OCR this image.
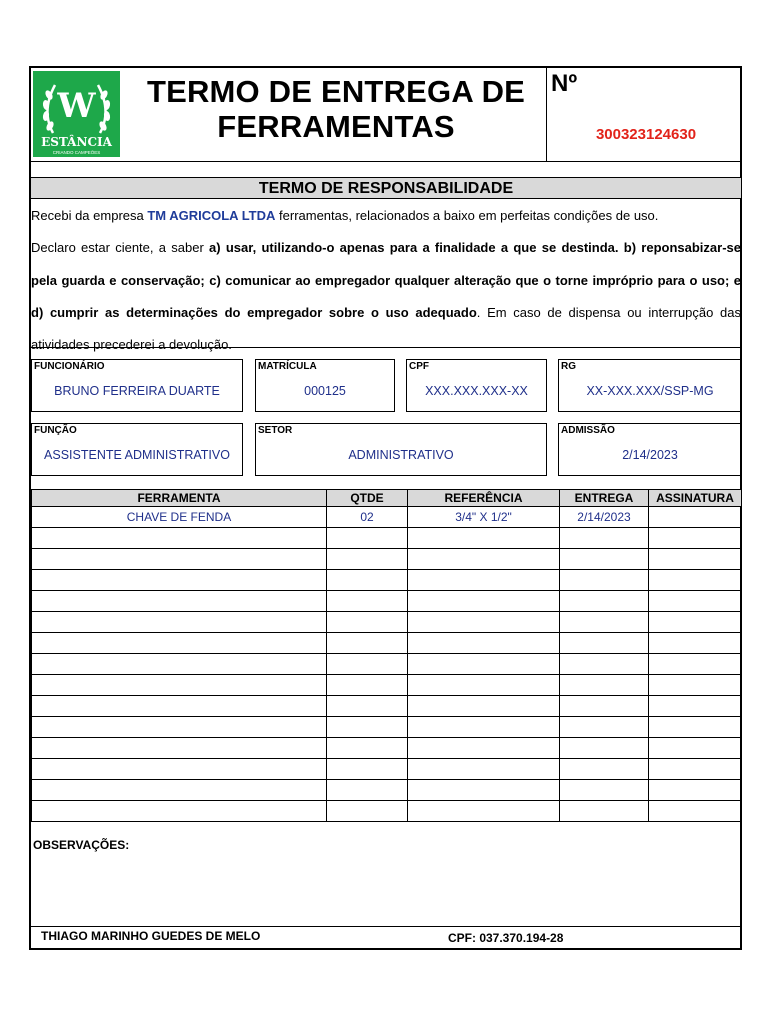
W
ESTÂNCIA
CRIANDO CAMPEÕES
TERMO DE ENTREGA DE
FERRAMENTAS
Nº
300323124630
TERMO DE RESPONSABILIDADE
Recebi da empresa TM AGRICOLA LTDA ferramentas, relacionados a baixo em perfeitas condições de uso.
Declaro estar ciente, a saber a) usar, utilizando-o apenas para a finalidade a que se destinda. b) reponsabizar-se pela guarda e conservação; c) comunicar ao empregador qualquer alteração que o torne impróprio para o uso; e d) cumprir as determinações do empregador sobre o uso adequado. Em caso de dispensa ou interrupção das atividades precederei a devolução.
FUNCIONÁRIO
BRUNO FERREIRA DUARTE
MATRÍCULA
000125
CPF
XXX.XXX.XXX-XX
RG
XX-XXX.XXX/SSP-MG
FUNÇÃO
ASSISTENTE ADMINISTRATIVO
SETOR
ADMINISTRATIVO
ADMISSÃO
2/14/2023
FERRAMENTA	QTDE	REFERÊNCIA	ENTREGA	ASSINATURA
CHAVE DE FENDA	02	3/4" X 1/2"	2/14/2023	

OBSERVAÇÕES:
THIAGO MARINHO GUEDES DE MELO	CPF: 037.370.194-28
